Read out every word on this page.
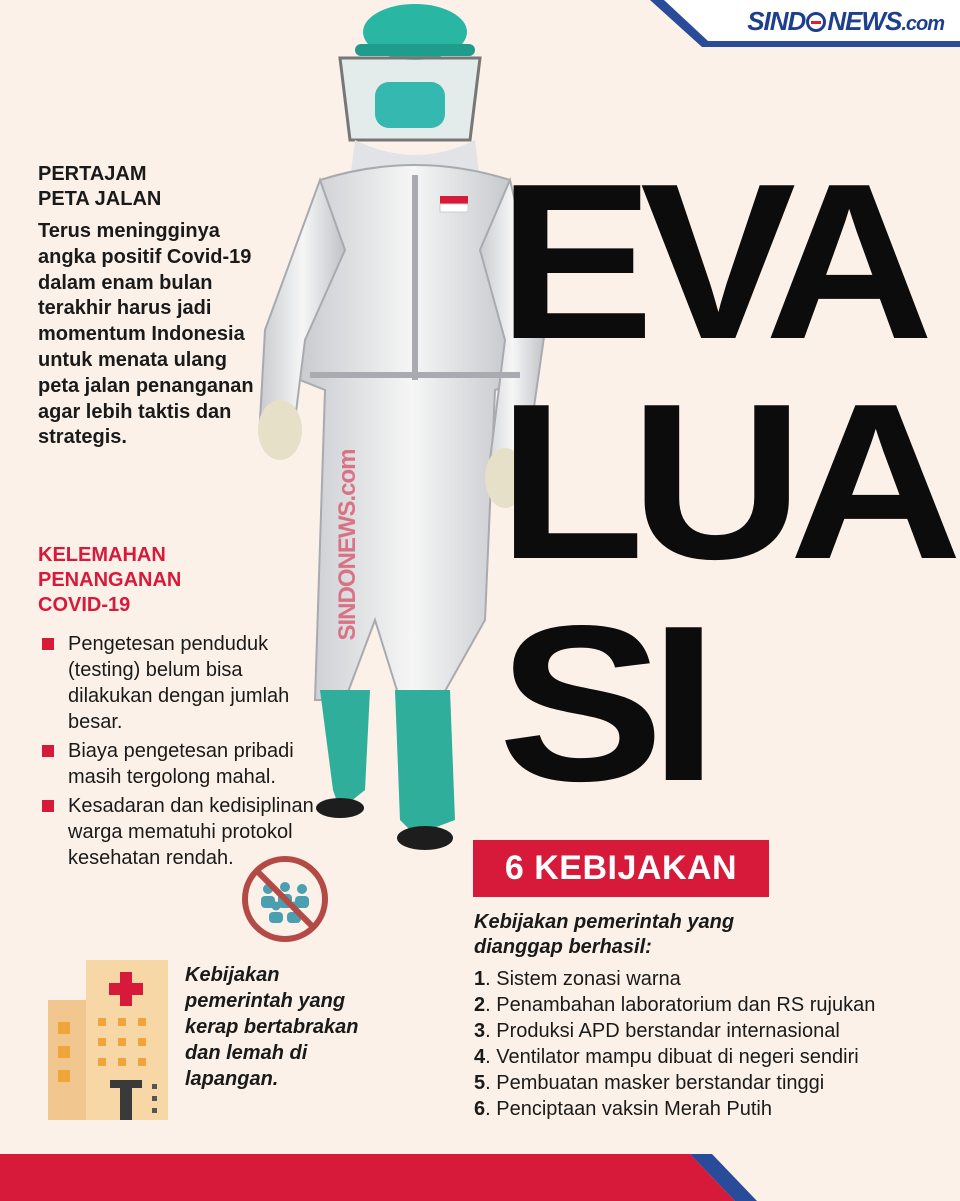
SIND NEWS.com
PERTAJAM
PETA JALAN
Terus meningginya angka positif Covid-19 dalam enam bulan terakhir harus jadi momentum Indonesia untuk menata ulang peta jalan penanganan agar lebih taktis dan strategis.
KELEMAHAN
PENANGANAN
COVID-19
Pengetesan penduduk (testing) belum bisa dilakukan dengan jumlah besar.
Biaya pengetesan pribadi masih tergolong mahal.
Kesadaran dan kedisiplinan warga mematuhi protokol kesehatan rendah.
SINDONEWS.com
EVA
LUA
SI
6 KEBIJAKAN
Kebijakan pemerintah yang dianggap berhasil:
1. Sistem zonasi warna
2. Penambahan laboratorium dan RS rujukan
3. Produksi APD berstandar internasional
4. Ventilator mampu dibuat di negeri sendiri
5. Pembuatan masker berstandar tinggi
6. Penciptaan vaksin Merah Putih
Kebijakan pemerintah yang kerap bertabrakan dan lemah di lapangan.
